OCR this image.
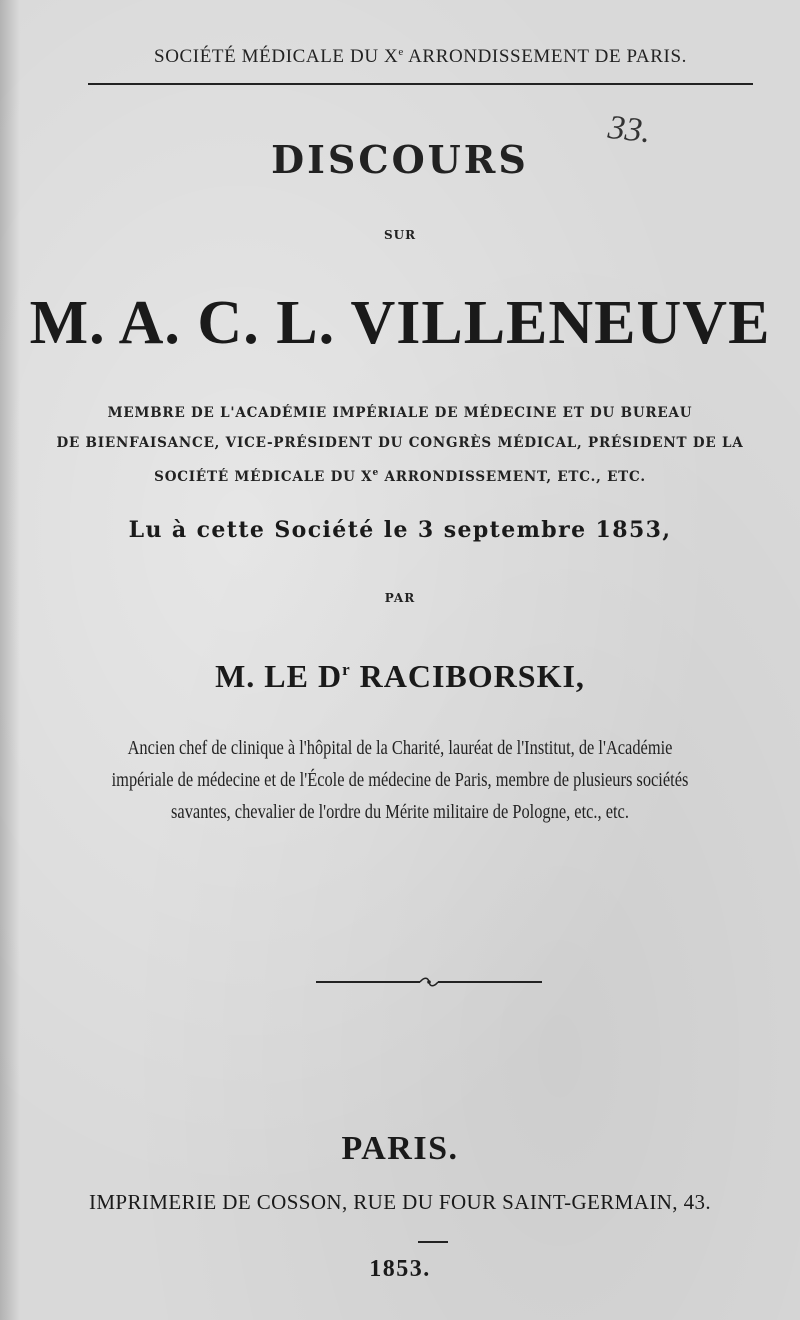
SOCIÉTÉ MÉDICALE DU Xe ARRONDISSEMENT DE PARIS.
33.
DISCOURS
SUR
M. A. C. L. VILLENEUVE
MEMBRE DE L'ACADÉMIE IMPÉRIALE DE MÉDECINE ET DU BUREAU
DE BIENFAISANCE, VICE-PRÉSIDENT DU CONGRÈS MÉDICAL, PRÉSIDENT DE LA
SOCIÉTÉ MÉDICALE DU Xe ARRONDISSEMENT, ETC., ETC.
Lu à cette Société le 3 septembre 1853,
PAR
M. LE $D^r$ RACIBORSKI,
Ancien chef de clinique à l'hôpital de la Charité, lauréat de l'Institut, de l'Académie
impériale de médecine et de l'École de médecine de Paris, membre de plusieurs sociétés
savantes, chevalier de l'ordre du Mérite militaire de Pologne, etc., etc.
PARIS.
IMPRIMERIE DE COSSON, RUE DU FOUR SAINT-GERMAIN, 43.
1853.
